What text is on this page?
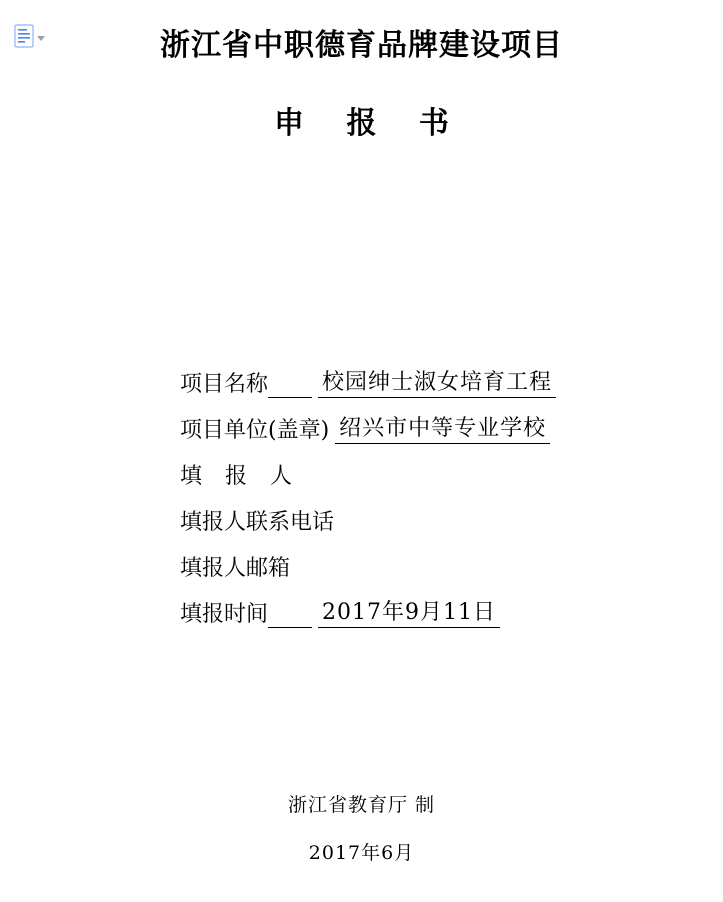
浙江省中职德育品牌建设项目
申 报 书
项目名称 校园绅士淑女培育工程
项目单位(盖章) 绍兴市中等专业学校
填 报 人
填报人联系电话
填报人邮箱
填报时间 2017年9月11日
浙江省教育厅 制
2017年6月
